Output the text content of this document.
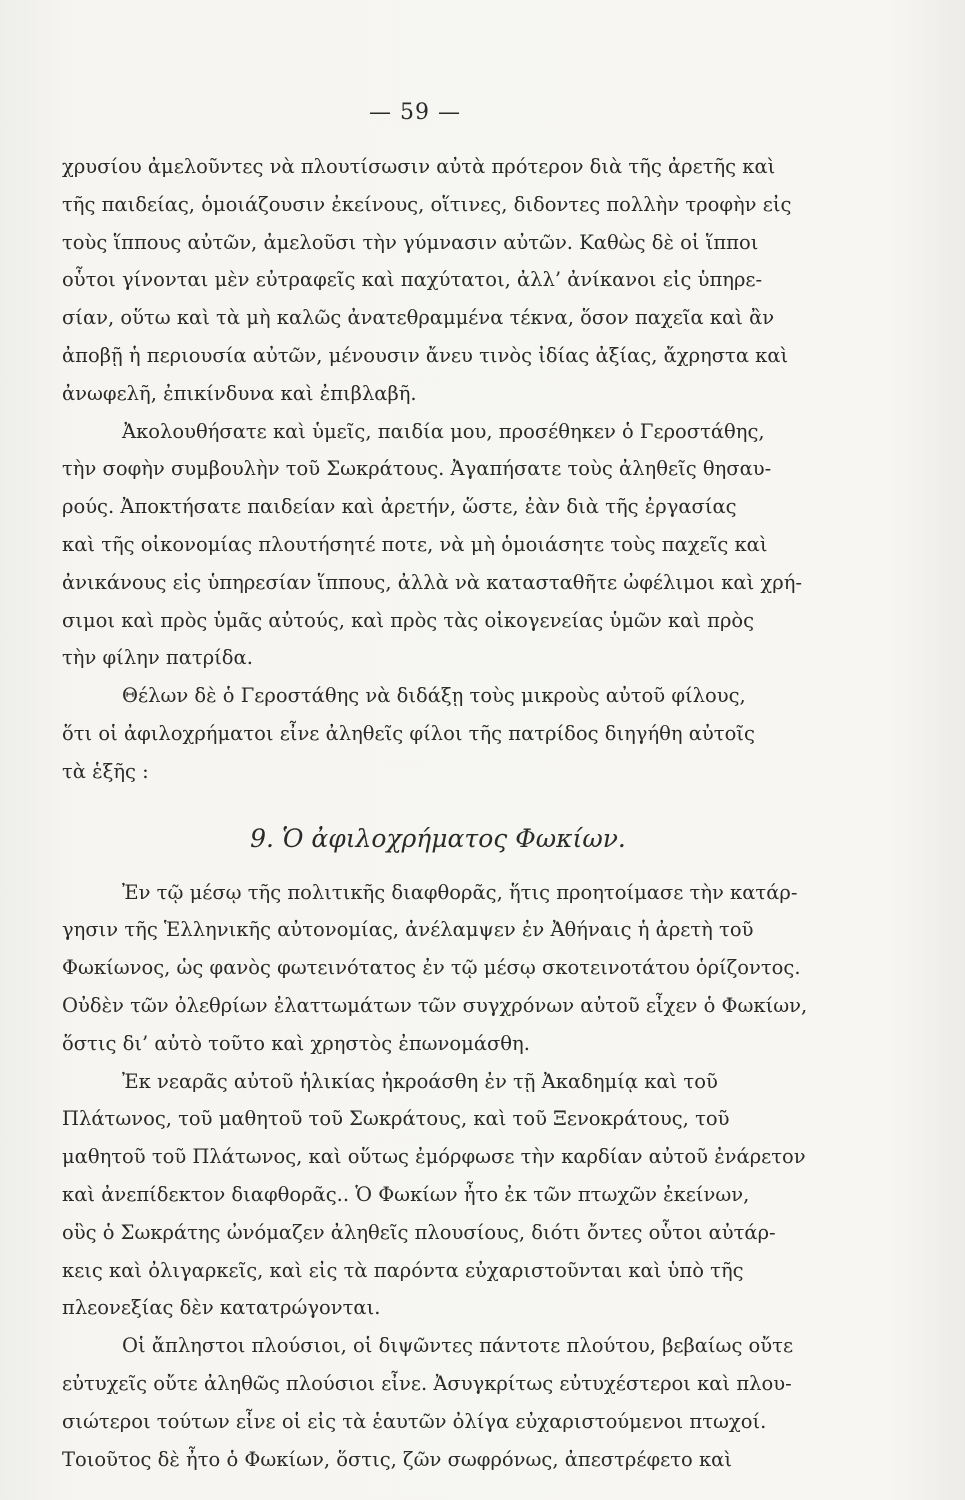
— 59 —
χρυσίου ἀμελοῦντες νὰ πλουτίσωσιν αὐτὰ πρότερον διὰ τῆς ἀρετῆς καὶ
τῆς παιδείας, ὁμοιάζουσιν ἐκείνους, οἵτινες, διδοντες πολλὴν τροφὴν εἰς
τοὺς ἵππους αὐτῶν, ἀμελοῦσι τὴν γύμνασιν αὐτῶν. Καθὼς δὲ οἱ ἵπποι
οὗτοι γίνονται μὲν εὐτραφεῖς καὶ παχύτατοι, ἀλλ’ ἀνίκανοι εἰς ὑπηρε-
σίαν, οὕτω καὶ τὰ μὴ καλῶς ἀνατεθραμμένα τέκνα, ὅσον παχεῖα καὶ ἂν
ἀποβῇ ἡ περιουσία αὐτῶν, μένουσιν ἄνευ τινὸς ἰδίας ἀξίας, ἄχρηστα καὶ
ἀνωφελῆ, ἐπικίνδυνα καὶ ἐπιβλαβῆ.
Ἀκολουθήσατε καὶ ὑμεῖς, παιδία μου, προσέθηκεν ὁ Γεροστάθης,
τὴν σοφὴν συμβουλὴν τοῦ Σωκράτους. Ἀγαπήσατε τοὺς ἀληθεῖς θησαυ-
ρούς. Ἀποκτήσατε παιδείαν καὶ ἀρετήν, ὥστε, ἐὰν διὰ τῆς ἐργασίας
καὶ τῆς οἰκονομίας πλουτήσητέ ποτε, νὰ μὴ ὁμοιάσητε τοὺς παχεῖς καὶ
ἀνικάνους εἰς ὑπηρεσίαν ἵππους, ἀλλὰ νὰ κατασταθῆτε ὠφέλιμοι καὶ χρή-
σιμοι καὶ πρὸς ὑμᾶς αὐτούς, καὶ πρὸς τὰς οἰκογενείας ὑμῶν καὶ πρὸς
τὴν φίλην πατρίδα.
Θέλων δὲ ὁ Γεροστάθης νὰ διδάξῃ τοὺς μικροὺς αὐτοῦ φίλους,
ὅτι οἱ ἀφιλοχρήματοι εἶνε ἀληθεῖς φίλοι τῆς πατρίδος διηγήθη αὐτοῖς
τὰ ἑξῆς :
9. Ὁ ἀφιλοχρήματος Φωκίων.
Ἐν τῷ μέσῳ τῆς πολιτικῆς διαφθορᾶς, ἥτις προητοίμασε τὴν κατάρ-
γησιν τῆς Ἑλληνικῆς αὐτονομίας, ἀνέλαμψεν ἐν Ἀθήναις ἡ ἀρετὴ τοῦ
Φωκίωνος, ὡς φανὸς φωτεινότατος ἐν τῷ μέσῳ σκοτεινοτάτου ὁρίζοντος.
Οὐδὲν τῶν ὀλεθρίων ἐλαττωμάτων τῶν συγχρόνων αὐτοῦ εἶχεν ὁ Φωκίων,
ὅστις δι’ αὐτὸ τοῦτο καὶ χρηστὸς ἐπωνομάσθη.
Ἐκ νεαρᾶς αὐτοῦ ἡλικίας ἠκροάσθη ἐν τῇ Ἀκαδημίᾳ καὶ τοῦ
Πλάτωνος, τοῦ μαθητοῦ τοῦ Σωκράτους, καὶ τοῦ Ξενοκράτους, τοῦ
μαθητοῦ τοῦ Πλάτωνος, καὶ οὕτως ἐμόρφωσε τὴν καρδίαν αὐτοῦ ἐνάρετον
καὶ ἀνεπίδεκτον διαφθορᾶς.. Ὁ Φωκίων ἦτο ἐκ τῶν πτωχῶν ἐκείνων,
οὓς ὁ Σωκράτης ὠνόμαζεν ἀληθεῖς πλουσίους, διότι ὄντες οὗτοι αὐτάρ-
κεις καὶ ὀλιγαρκεῖς, καὶ εἰς τὰ παρόντα εὐχαριστοῦνται καὶ ὑπὸ τῆς
πλεονεξίας δὲν κατατρώγονται.
Οἱ ἄπληστοι πλούσιοι, οἱ διψῶντες πάντοτε πλούτου, βεβαίως οὔτε
εὐτυχεῖς οὔτε ἀληθῶς πλούσιοι εἶνε. Ἀσυγκρίτως εὐτυχέστεροι καὶ πλου-
σιώτεροι τούτων εἶνε οἱ εἰς τὰ ἑαυτῶν ὀλίγα εὐχαριστούμενοι πτωχοί.
Τοιοῦτος δὲ ἦτο ὁ Φωκίων, ὅστις, ζῶν σωφρόνως, ἀπεστρέφετο καὶ
